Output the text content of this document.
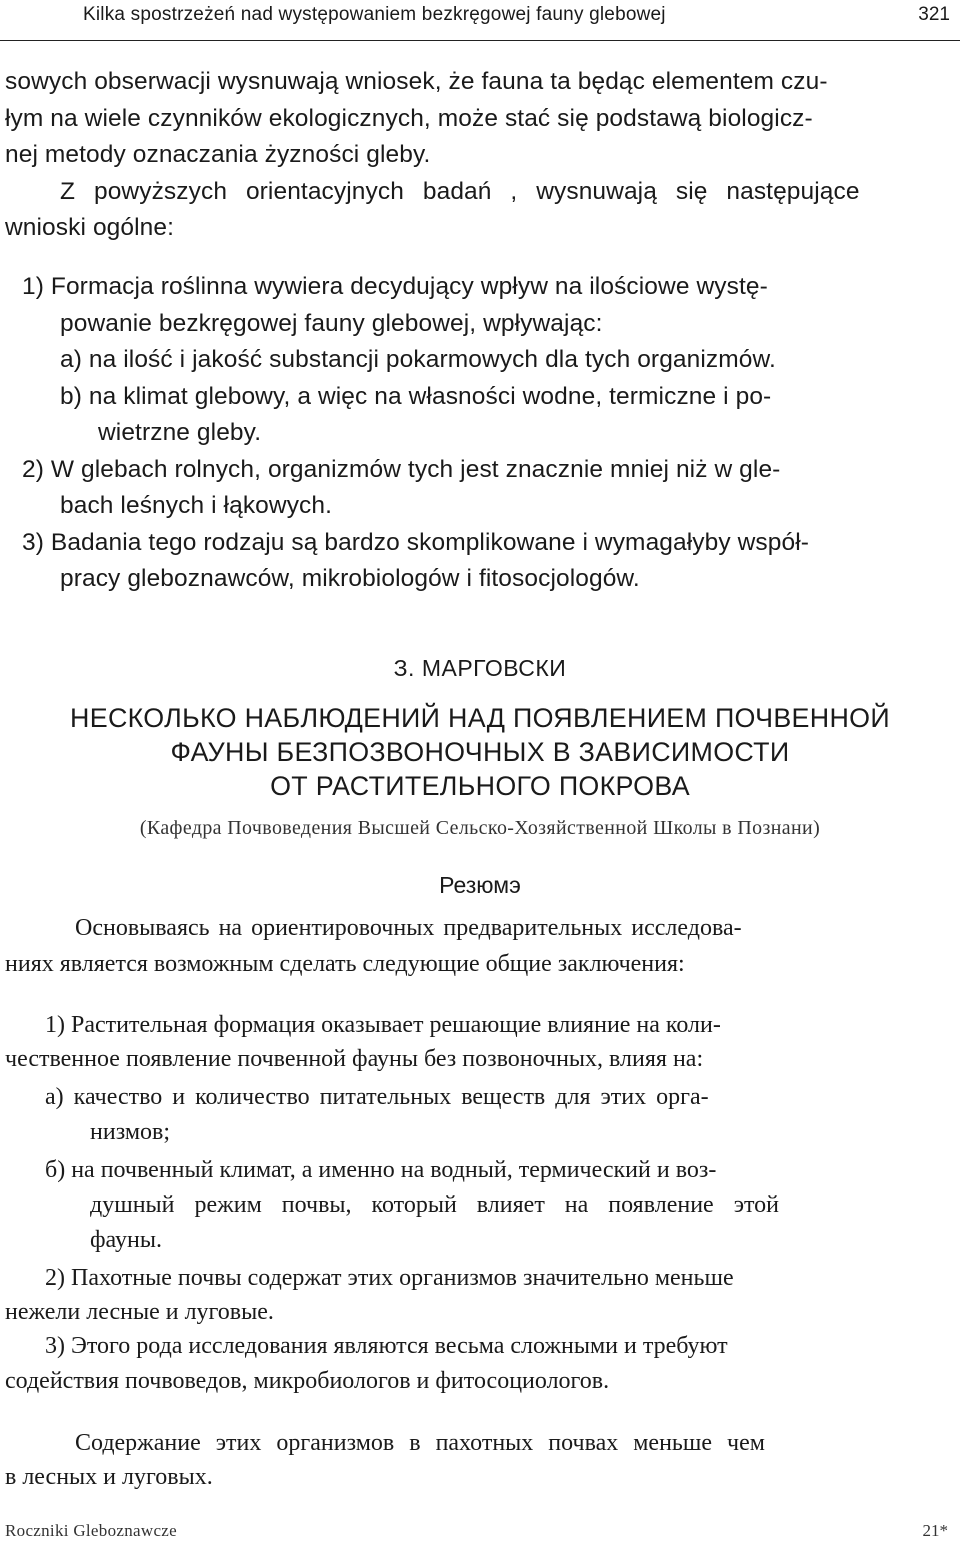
Kilka spostrzeżeń nad występowaniem bezkręgowej fauny glebowej	321
sowych obserwacji wysnuwają wniosek, że fauna ta będąc elementem czu-
łym na wiele czynników ekologicznych, może stać się podstawą biologicz-
nej metody oznaczania żyzności gleby.
Z powyższych orientacyjnych badań , wysnuwają się następujące
wnioski ogólne:
1) Formacja roślinna wywiera decydujący wpływ na ilościowe wystę-
powanie bezkręgowej fauny glebowej, wpływając:
a) na ilość i jakość substancji pokarmowych dla tych organizmów.
b) na klimat glebowy, a więc na własności wodne, termiczne i po-
wietrzne gleby.
2) W glebach rolnych, organizmów tych jest znacznie mniej niż w gle-
bach leśnych i łąkowych.
3) Badania tego rodzaju są bardzo skomplikowane i wymagałyby współ-
pracy gleboznawców, mikrobiologów i fitosocjologów.
З. МАРГОВСКИ
НЕСКОЛЬКО НАБЛЮДЕНИЙ НАД ПОЯВЛЕНИЕМ ПОЧВЕННОЙ
ФАУНЫ БЕЗПОЗВОНОЧНЫХ В ЗАВИСИМОСТИ
ОТ РАСТИТЕЛЬНОГО ПОКРОВА
(Кафедра Почвоведения Высшей Сельско-Хозяйственной Школы в Познани)
Резюмэ
Основываясь на ориентировочных предварительных исследова-
ниях является возможным сделать следующие общие заключения:
1) Растительная формация оказывает решающие влияние на коли-
чественное появление почвенной фауны без позвоночных, влияя на:
а) качество и количество питательных веществ для этих орга-
низмов;
б) на почвенный климат, а именно на водный, термический и воз-
душный режим почвы, который влияет на появление этой
фауны.
2) Пахотные почвы содержат этих организмов значительно меньше
нежели лесные и луговые.
3) Этого рода исследования являются весьма сложными и требуют
содействия почвоведов, микробиологов и фитосоциологов.
Содержание этих организмов в пахотных почвах меньше чем
в лесных и луговых.
Roczniki Gleboznawcze	21*
